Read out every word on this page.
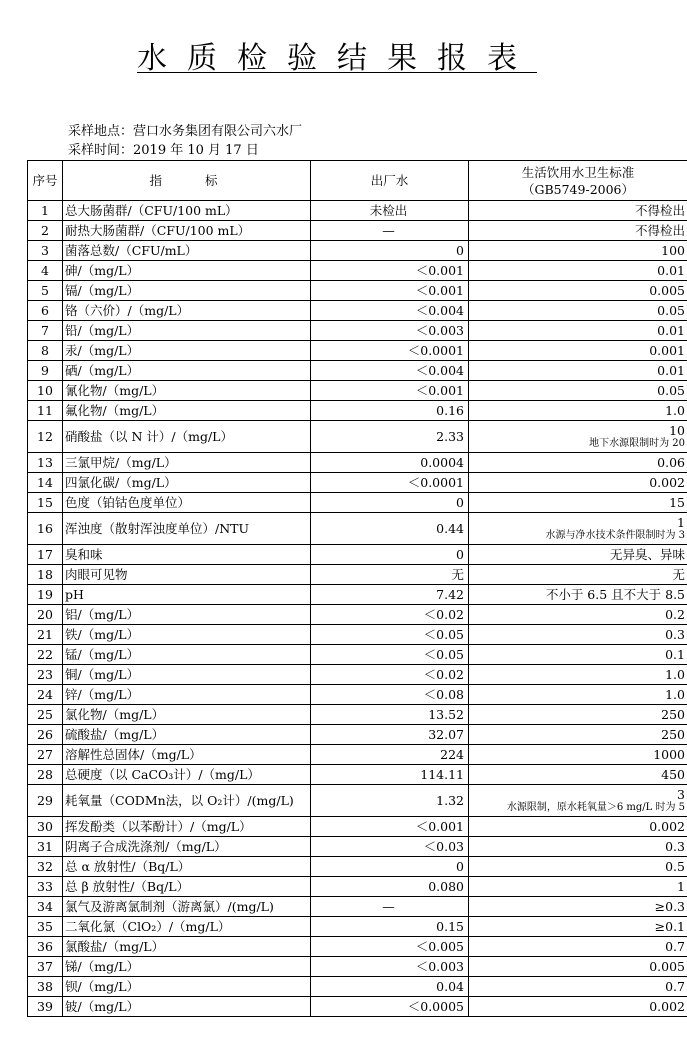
水质检验结果报表
采样地点：营口水务集团有限公司六水厂
采样时间：2019 年 10 月 17 日
序号	指　　标	出厂水	生活饮用水卫生标准
（GB5749-2006）

1	总大肠菌群/（CFU/100 mL）	未检出	不得检出
2	耐热大肠菌群/（CFU/100 mL）	—	不得检出
3	菌落总数/（CFU/mL）	0	100
4	砷/（mg/L）	＜0.001	0.01
5	镉/（mg/L）	＜0.001	0.005
6	铬（六价）/（mg/L）	＜0.004	0.05
7	铅/（mg/L）	＜0.003	0.01
8	汞/（mg/L）	＜0.0001	0.001
9	硒/（mg/L）	＜0.004	0.01
10	氰化物/（mg/L）	＜0.001	0.05
11	氟化物/（mg/L）	0.16	1.0
12	硝酸盐（以 N 计）/（mg/L）	2.33	10
地下水源限制时为 20

13	三氯甲烷/（mg/L）	0.0004	0.06
14	四氯化碳/（mg/L）	＜0.0001	0.002
15	色度（铂钴色度单位）	0	15
16	浑浊度（散射浑浊度单位）/NTU	0.44	1
水源与净水技术条件限制时为 3

17	臭和味	0	无异臭、异味
18	肉眼可见物	无	无
19	pH	7.42	不小于 6.5 且不大于 8.5
20	铝/（mg/L）	＜0.02	0.2
21	铁/（mg/L）	＜0.05	0.3
22	锰/（mg/L）	＜0.05	0.1
23	铜/（mg/L）	＜0.02	1.0
24	锌/（mg/L）	＜0.08	1.0
25	氯化物/（mg/L）	13.52	250
26	硫酸盐/（mg/L）	32.07	250
27	溶解性总固体/（mg/L）	224	1000
28	总硬度（以 CaCO₃计）/（mg/L）	114.11	450
29	耗氧量（CODMn法，以 O₂计）/(mg/L)	1.32	3
水源限制，原水耗氧量＞6 mg/L 时为 5

30	挥发酚类（以苯酚计）/（mg/L）	＜0.001	0.002
31	阴离子合成洗涤剂/（mg/L）	＜0.03	0.3
32	总 α 放射性/（Bq/L）	0	0.5
33	总 β 放射性/（Bq/L）	0.080	1
34	氯气及游离氯制剂（游离氯）/(mg/L)	—	≥0.3
35	二氧化氯（ClO₂）/（mg/L）	0.15	≥0.1
36	氯酸盐/（mg/L）	＜0.005	0.7
37	锑/（mg/L）	＜0.003	0.005
38	钡/（mg/L）	0.04	0.7
39	铍/（mg/L）	＜0.0005	0.002
